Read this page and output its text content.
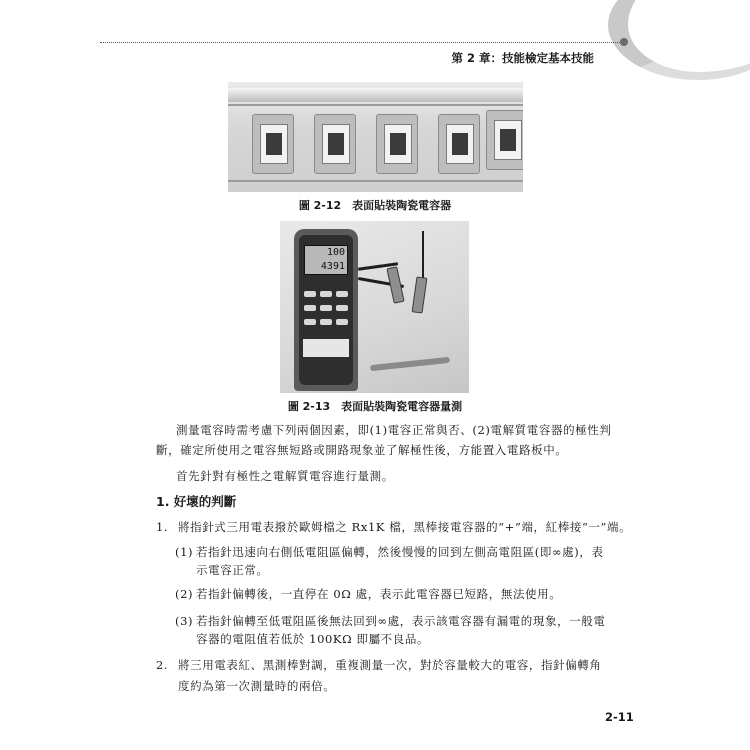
第 2 章：技能檢定基本技能
圖 2-12　表面貼裝陶瓷電容器
100
4391
圖 2-13　表面貼裝陶瓷電容器量測
測量電容時需考慮下列兩個因素，即(1)電容正常與否、(2)電解質電容器的極性判
斷，確定所使用之電容無短路或開路現象並了解極性後，方能置入電路板中。
首先針對有極性之電解質電容進行量測。
1. 好壞的判斷
1. 將指針式三用電表撥於歐姆檔之 Rx1K 檔，黑棒接電容器的“+”端，紅棒接“一”端。
(1) 若指針迅速向右側低電阻區偏轉，然後慢慢的回到左側高電阻區(即∞處)，表
示電容正常。
(2) 若指針偏轉後，一直停在 0Ω 處，表示此電容器已短路，無法使用。
(3) 若指針偏轉至低電阻區後無法回到∞處，表示該電容器有漏電的現象，一般電
容器的電阻值若低於 100KΩ 即屬不良品。
2. 將三用電表紅、黑測棒對調，重複測量一次，對於容量較大的電容，指針偏轉角
度約為第一次測量時的兩倍。
2-11
